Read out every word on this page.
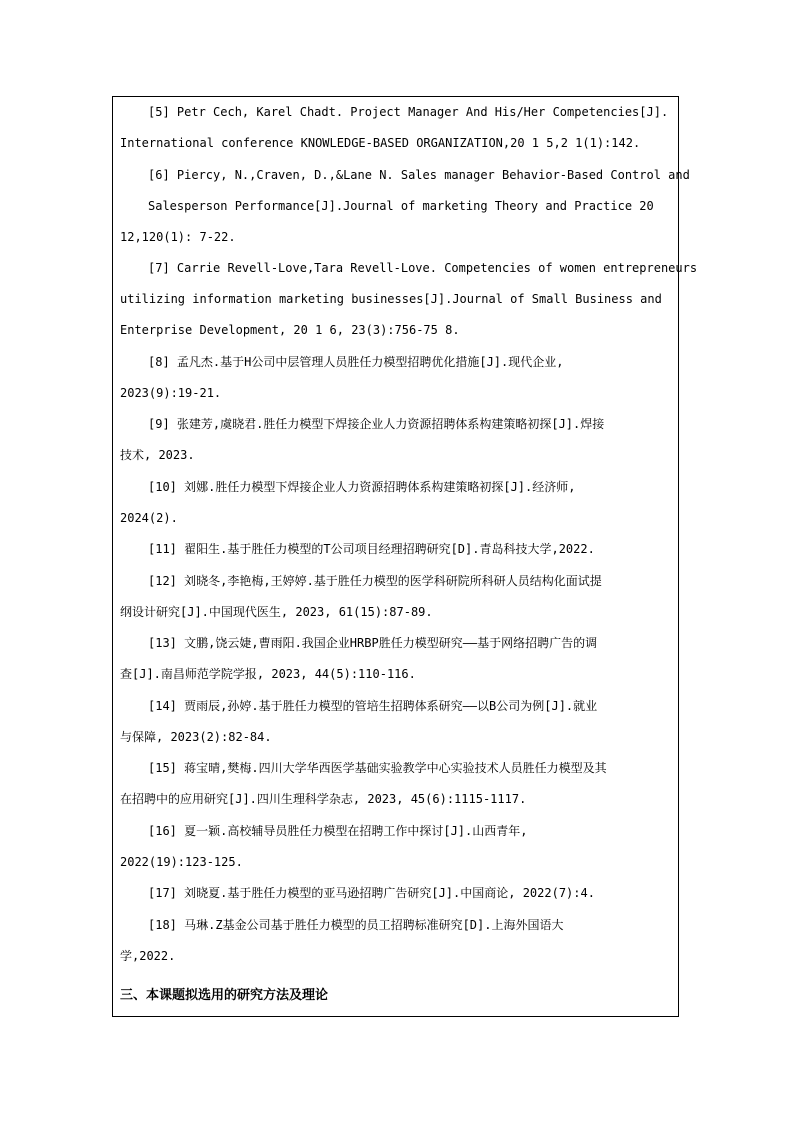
[5] Petr Cech, Karel Chadt. Project Manager And His/Her Competencies[J].
International conference KNOWLEDGE-BASED ORGANIZATION,20 1 5,2 1(1):142.
[6] Piercy, N.,Craven, D.,&Lane N. Sales manager Behavior-Based Control and
Salesperson Performance[J].Journal of marketing Theory and Practice 20
12,120(1): 7-22.
[7] Carrie Revell-Love,Tara Revell-Love. Competencies of women entrepreneurs
utilizing information marketing businesses[J].Journal of Small Business and
Enterprise Development, 20 1 6, 23(3):756-75 8.
[8] 孟凡杰.基于H公司中层管理人员胜任力模型招聘优化措施[J].现代企业,
2023(9):19-21.
[9] 张建芳,虞晓君.胜任力模型下焊接企业人力资源招聘体系构建策略初探[J].焊接
技术, 2023.
[10] 刘娜.胜任力模型下焊接企业人力资源招聘体系构建策略初探[J].经济师,
2024(2).
[11] 翟阳生.基于胜任力模型的T公司项目经理招聘研究[D].青岛科技大学,2022.
[12] 刘晓冬,李艳梅,王婷婷.基于胜任力模型的医学科研院所科研人员结构化面试提
纲设计研究[J].中国现代医生, 2023, 61(15):87-89.
[13] 文鹏,饶云婕,曹雨阳.我国企业HRBP胜任力模型研究——基于网络招聘广告的调
查[J].南昌师范学院学报, 2023, 44(5):110-116.
[14] 贾雨辰,孙婷.基于胜任力模型的管培生招聘体系研究——以B公司为例[J].就业
与保障, 2023(2):82-84.
[15] 蒋宝晴,樊梅.四川大学华西医学基础实验教学中心实验技术人员胜任力模型及其
在招聘中的应用研究[J].四川生理科学杂志, 2023, 45(6):1115-1117.
[16] 夏一颖.高校辅导员胜任力模型在招聘工作中探讨[J].山西青年,
2022(19):123-125.
[17] 刘晓夏.基于胜任力模型的亚马逊招聘广告研究[J].中国商论, 2022(7):4.
[18] 马琳.Z基金公司基于胜任力模型的员工招聘标准研究[D].上海外国语大
学,2022.
三、本课题拟选用的研究方法及理论
